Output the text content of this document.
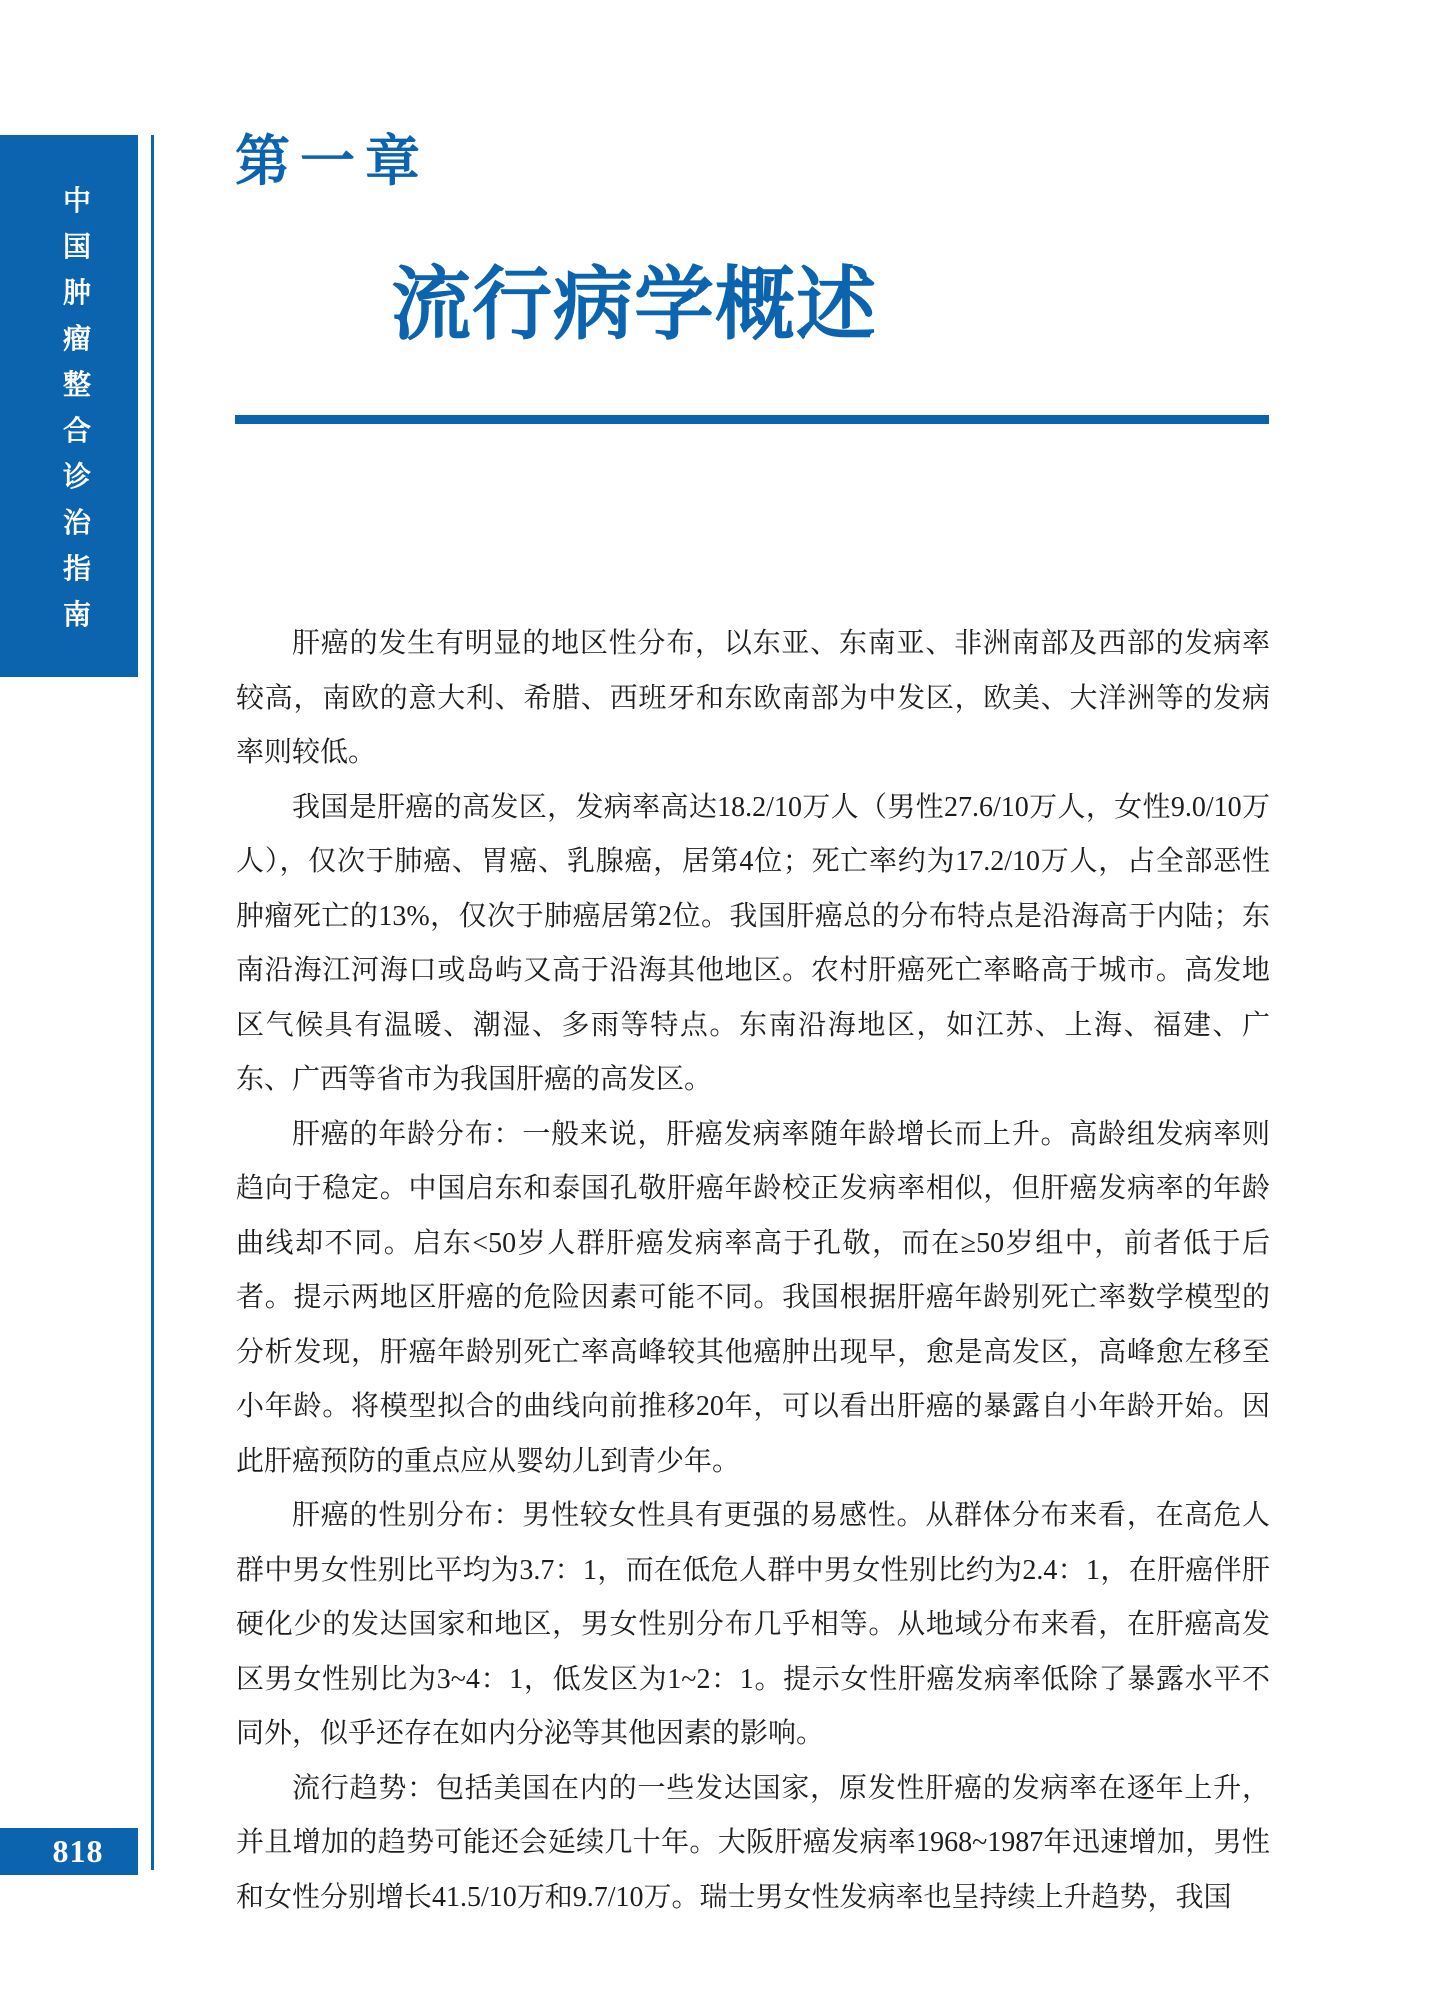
中
国
肿
瘤
整
合
诊
治
指
南
第一章
流行病学概述

肝癌的发生有明显的地区性分布，以东亚、东南亚、非洲南部及西部的发病率较高，南欧的意大利、希腊、西班牙和东欧南部为中发区，欧美、大洋洲等的发病率则较低。

我国是肝癌的高发区，发病率高达18.2/10万人（男性27.6/10万人，女性9.0/10万人），仅次于肺癌、胃癌、乳腺癌，居第4位；死亡率约为17.2/10万人，占全部恶性肿瘤死亡的13%，仅次于肺癌居第2位。我国肝癌总的分布特点是沿海高于内陆；东南沿海江河海口或岛屿又高于沿海其他地区。农村肝癌死亡率略高于城市。高发地区气候具有温暖、潮湿、多雨等特点。东南沿海地区，如江苏、上海、福建、广东、广西等省市为我国肝癌的高发区。

肝癌的年龄分布：一般来说，肝癌发病率随年龄增长而上升。高龄组发病率则趋向于稳定。中国启东和泰国孔敬肝癌年龄校正发病率相似，但肝癌发病率的年龄曲线却不同。启东<50岁人群肝癌发病率高于孔敬，而在≥50岁组中，前者低于后者。提示两地区肝癌的危险因素可能不同。我国根据肝癌年龄别死亡率数学模型的分析发现，肝癌年龄别死亡率高峰较其他癌肿出现早，愈是高发区，高峰愈左移至小年龄。将模型拟合的曲线向前推移20年，可以看出肝癌的暴露自小年龄开始。因此肝癌预防的重点应从婴幼儿到青少年。

肝癌的性别分布：男性较女性具有更强的易感性。从群体分布来看，在高危人群中男女性别比平均为3.7：1，而在低危人群中男女性别比约为2.4：1，在肝癌伴肝硬化少的发达国家和地区，男女性别分布几乎相等。从地域分布来看，在肝癌高发区男女性别比为3~4：1，低发区为1~2：1。提示女性肝癌发病率低除了暴露水平不同外，似乎还存在如内分泌等其他因素的影响。

流行趋势：包括美国在内的一些发达国家，原发性肝癌的发病率在逐年上升，并且增加的趋势可能还会延续几十年。大阪肝癌发病率1968~1987年迅速增加，男性和女性分别增长41.5/10万和9.7/10万。瑞士男女性发病率也呈持续上升趋势，我国

818
